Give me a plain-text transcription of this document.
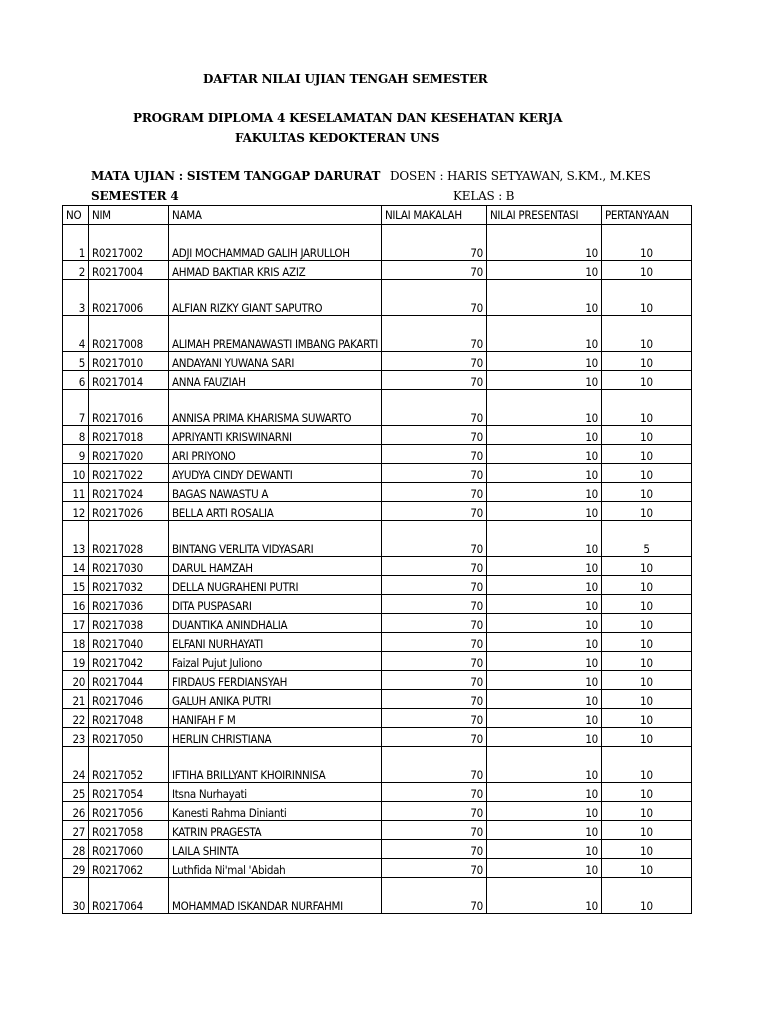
DAFTAR NILAI UJIAN TENGAH SEMESTER
PROGRAM DIPLOMA 4 KESELAMATAN DAN KESEHATAN KERJA
FAKULTAS KEDOKTERAN UNS
MATA UJIAN : SISTEM TANGGAP DARURAT DOSEN : HARIS SETYAWAN, S.KM., M.KES
SEMESTER 4	KELAS : B
NO	NIM	NAMA	NILAI MAKALAH	NILAI PRESENTASI	PERTANYAAN
1	R0217002	ADJI MOCHAMMAD GALIH JARULLOH	70	10	10
2	R0217004	AHMAD BAKTIAR KRIS AZIZ	70	10	10
3	R0217006	ALFIAN RIZKY GIANT SAPUTRO	70	10	10
4	R0217008	ALIMAH PREMANAWASTI IMBANG PAKARTI	70	10	10
5	R0217010	ANDAYANI YUWANA SARI	70	10	10
6	R0217014	ANNA FAUZIAH	70	10	10
7	R0217016	ANNISA PRIMA KHARISMA SUWARTO	70	10	10
8	R0217018	APRIYANTI KRISWINARNI	70	10	10
9	R0217020	ARI PRIYONO	70	10	10
10	R0217022	AYUDYA CINDY DEWANTI	70	10	10
11	R0217024	BAGAS NAWASTU A	70	10	10
12	R0217026	BELLA ARTI ROSALIA	70	10	10
13	R0217028	BINTANG VERLITA VIDYASARI	70	10	5
14	R0217030	DARUL HAMZAH	70	10	10
15	R0217032	DELLA NUGRAHENI PUTRI	70	10	10
16	R0217036	DITA PUSPASARI	70	10	10
17	R0217038	DUANTIKA ANINDHALIA	70	10	10
18	R0217040	ELFANI NURHAYATI	70	10	10
19	R0217042	Faizal Pujut Juliono	70	10	10
20	R0217044	FIRDAUS FERDIANSYAH	70	10	10
21	R0217046	GALUH ANIKA PUTRI	70	10	10
22	R0217048	HANIFAH F M	70	10	10
23	R0217050	HERLIN CHRISTIANA	70	10	10
24	R0217052	IFTIHA BRILLYANT KHOIRINNISA	70	10	10
25	R0217054	Itsna Nurhayati	70	10	10
26	R0217056	Kanesti Rahma Dinianti	70	10	10
27	R0217058	KATRIN PRAGESTA	70	10	10
28	R0217060	LAILA SHINTA	70	10	10
29	R0217062	Luthfida Ni'mal 'Abidah	70	10	10
30	R0217064	MOHAMMAD ISKANDAR NURFAHMI	70	10	10
